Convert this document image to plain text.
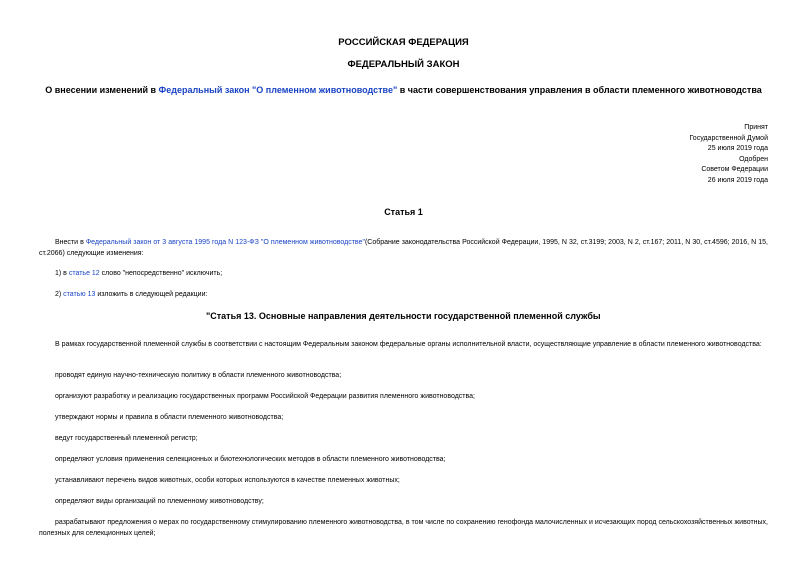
РОССИЙСКАЯ ФЕДЕРАЦИЯ
ФЕДЕРАЛЬНЫЙ ЗАКОН
О внесении изменений в Федеральный закон "О племенном животноводстве" в части совершенствования управления в области племенного животноводства
Принят
Государственной Думой
25 июля 2019 года
Одобрен
Советом Федерации
26 июля 2019 года
Статья 1
Внести в Федеральный закон от 3 августа 1995 года N 123-ФЗ "О племенном животноводстве"(Собрание законодательства Российской Федерации, 1995, N 32, ст.3199; 2003, N 2, ст.167; 2011, N 30, ст.4596; 2016, N 15, ст.2066) следующие изменения:
1) в статье 12 слово "непосредственно" исключить;
2) статью 13 изложить в следующей редакции:
"Статья 13. Основные направления деятельности государственной племенной службы
В рамках государственной племенной службы в соответствии с настоящим Федеральным законом федеральные органы исполнительной власти, осуществляющие управление в области племенного животноводства:
проводят единую научно-техническую политику в области племенного животноводства;
организуют разработку и реализацию государственных программ Российской Федерации развития племенного животноводства;
утверждают нормы и правила в области племенного животноводства;
ведут государственный племенной регистр;
определяют условия применения селекционных и биотехнологических методов в области племенного животноводства;
устанавливают перечень видов животных, особи которых используются в качестве племенных животных;
определяют виды организаций по племенному животноводству;
разрабатывают предложения о мерах по государственному стимулированию племенного животноводства, в том числе по сохранению генофонда малочисленных и исчезающих пород сельскохозяйственных животных, полезных для селекционных целей;
